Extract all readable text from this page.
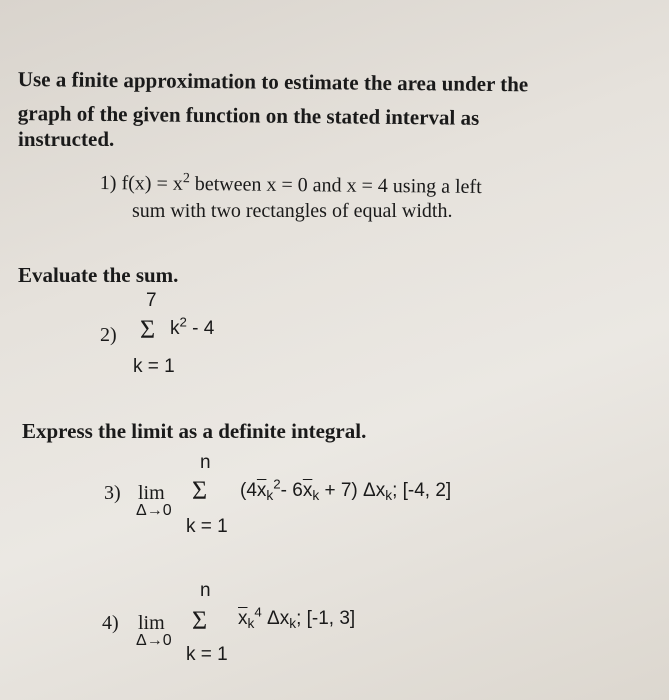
Use a finite approximation to estimate the area under the
graph of the given function on the stated interval as
instructed.
1) $f(x) = x^2$ between x = 0 and x = 4 using a left
sum with two rectangles of equal width.
Evaluate the sum.
7
2) Σ $k^2 - 4$
k = 1
Express the limit as a definite integral.
n
3) lim
Δ→0
Σ ($4\overline{x}_k^2-$ $6\overline{x}_k + 7$) $\Delta x_k$; [-4, 2]
k = 1
n
4) lim
Δ→0
Σ $\overline{x}_k^4$ $\Delta x_k$; [-1, 3]
k = 1
